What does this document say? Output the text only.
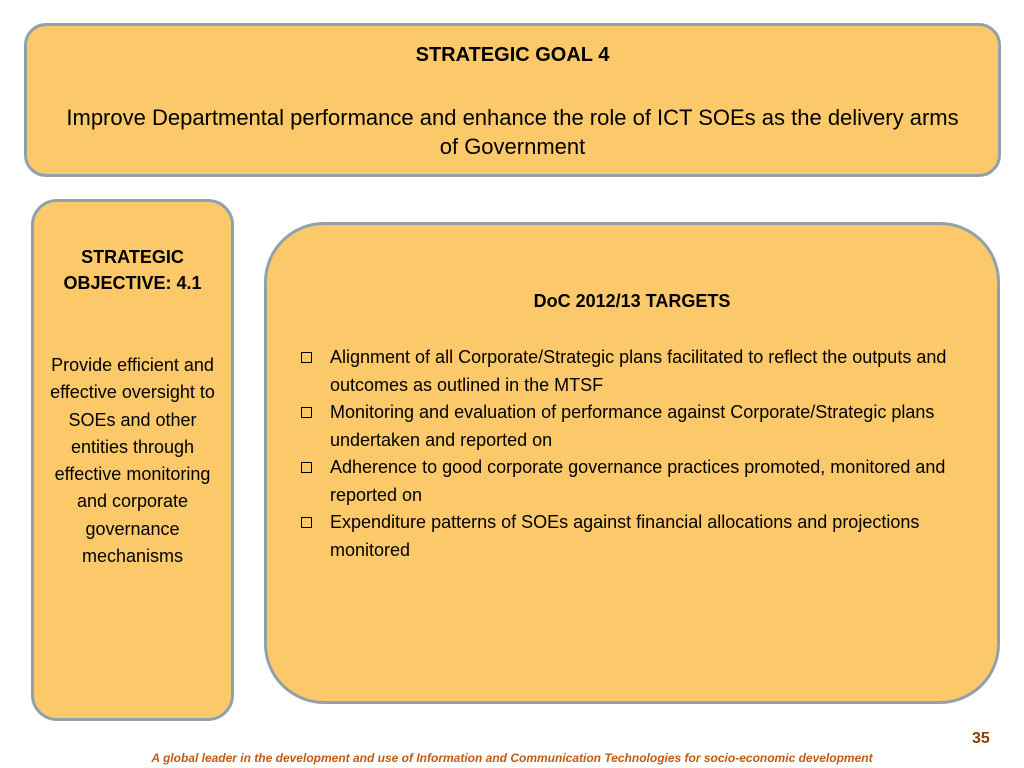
STRATEGIC GOAL 4
Improve Departmental performance and enhance the role of ICT SOEs as the delivery arms of Government
STRATEGIC OBJECTIVE: 4.1
Provide efficient and effective oversight to SOEs and other entities through effective monitoring and corporate governance mechanisms
DoC 2012/13 TARGETS
Alignment of all Corporate/Strategic plans facilitated to reflect the outputs and outcomes as outlined in the MTSF
Monitoring and evaluation of performance against Corporate/Strategic plans undertaken and reported on
Adherence to good corporate governance practices promoted, monitored and reported on
Expenditure patterns of SOEs against financial allocations and projections monitored
35
A global leader in the development and use of Information and Communication Technologies for socio-economic development
